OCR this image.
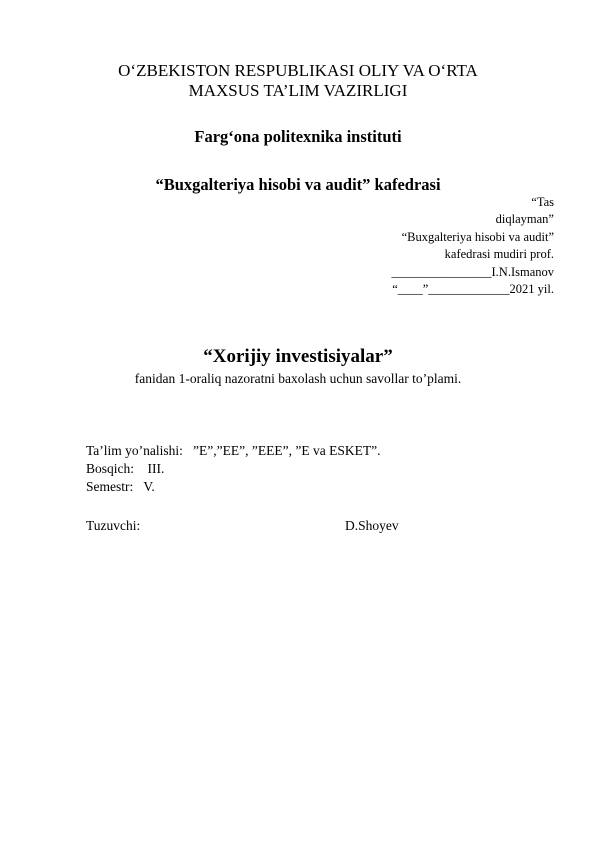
O‘ZBEKISTON RESPUBLIKASI OLIY VA O‘RTA
MAXSUS TA’LIM VAZIRLIGI
Farg‘ona politexnika instituti
“Buxgalteriya hisobi va audit” kafedrasi
“Tas
diqlayman”
“Buxgalteriya hisobi va audit”
kafedrasi mudiri prof.
________________I.N.Ismanov
“____”_____________2021 yil.
“Xorijiy investisiyalar”
fanidan 1-oraliq nazoratni baxolash uchun savollar to’plami.
Ta’lim yo’nalishi: ”E”,”EE”, ”EEE”, ”E va ESKET”.
Bosqich: III.
Semestr: V.
Tuzuvchi:	D.Shoyev
